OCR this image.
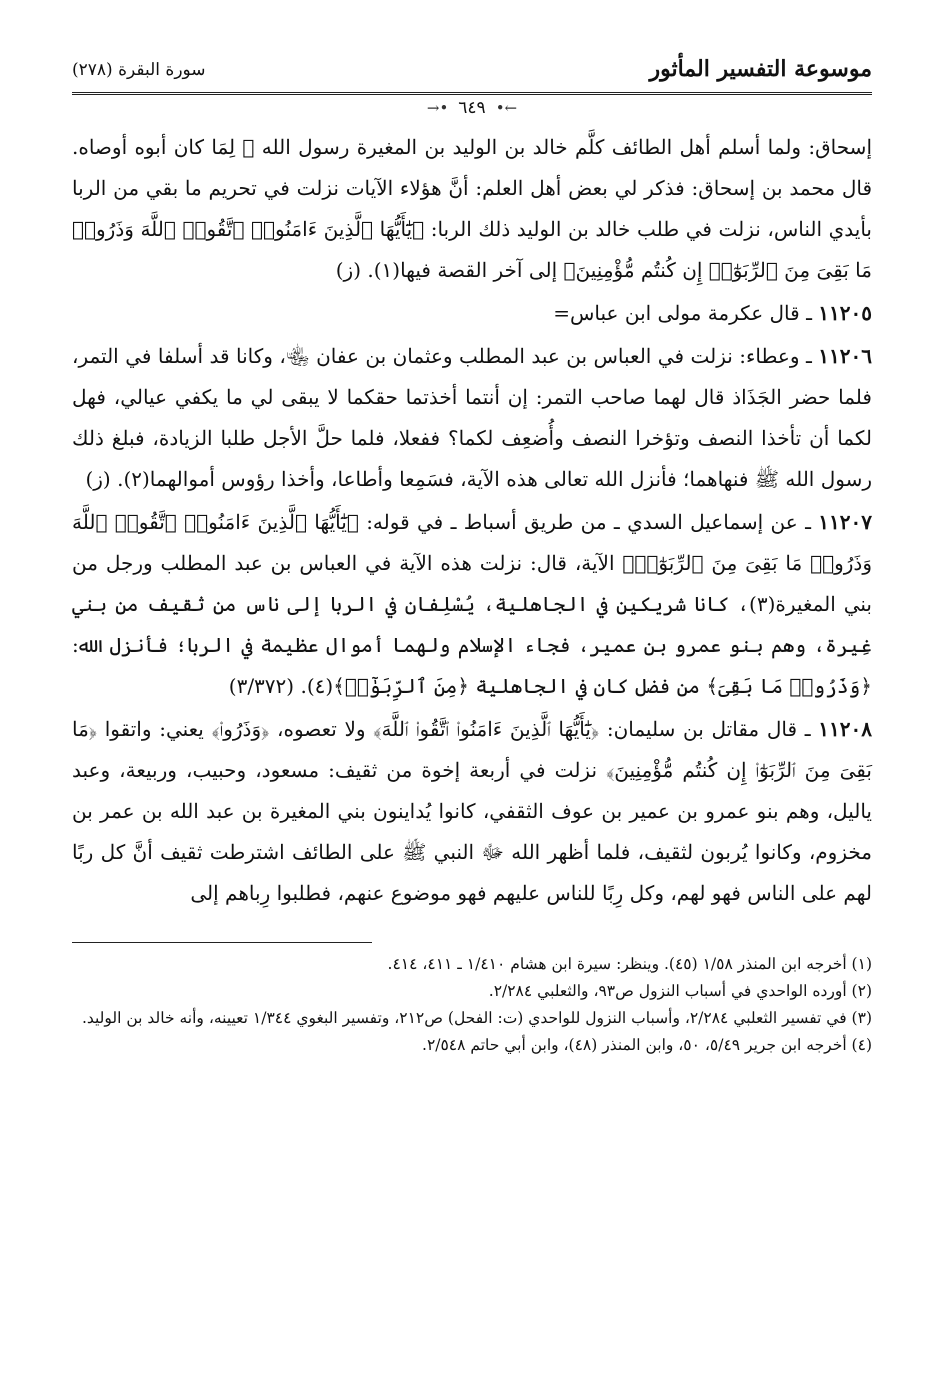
موسوعة التفسير المأثور
سورة البقرة (٢٧٨)
←•
٦٤٩
•→

إسحاق: ولما أسلم أهل الطائف كلَّم خالد بن الوليد بن المغيرة رسول الله ﷺ لِمَا كان أبوه أوصاه. قال محمد بن إسحاق: فذكر لي بعض أهل العلم: أنَّ هؤلاء الآيات نزلت في تحريم ما بقي من الربا بأيدي الناس، نزلت في طلب خالد بن الوليد ذلك الربا: ﴿يَٰٓأَيُّهَا ٱلَّذِينَ ءَامَنُوا۟ ٱتَّقُوا۟ ٱللَّهَ وَذَرُوا۟ مَا بَقِىَ مِنَ ٱلرِّبَوٰٓا۟ إِن كُنتُم مُّؤْمِنِينَ﴾ إلى آخر القصة فيها(١). (ز)

١١٢٠٥ ـ قال عكرمة مولى ابن عباس=

١١٢٠٦ ـ وعطاء: نزلت في العباس بن عبد المطلب وعثمان بن عفان ﵄، وكانا قد أسلفا في التمر، فلما حضر الجَذَاذ قال لهما صاحب التمر: إن أنتما أخذتما حقكما لا يبقى لي ما يكفي عيالي، فهل لكما أن تأخذا النصف وتؤخرا النصف وأُضعِف لكما؟ ففعلا، فلما حلَّ الأجل طلبا الزيادة، فبلغ ذلك رسول الله ﷺ فنهاهما؛ فأنزل الله تعالى هذه الآية، فسَمِعا وأطاعا، وأخذا رؤوس أموالهما(٢). (ز)

١١٢٠٧ ـ عن إسماعيل السدي ـ من طريق أسباط ـ في قوله: ﴿يَٰٓأَيُّهَا ٱلَّذِينَ ءَامَنُوا۟ ٱتَّقُوا۟ ٱللَّهَ وَذَرُوا۟ مَا بَقِىَ مِنَ ٱلرِّبَوٰٓا۟﴾ الآية، قال: نزلت هذه الآية في العباس بن عبد المطلب ورجل من بني المغيرة(٣)، كانا شريكين في الجاهلية، يُسْلِفان في الربا إلى ناس من ثقيف من بني غِيرة، وهم بنو عمرو بن عمير، فجاء الإسلام ولهما أموال عظيمة في الربا؛ فأنزل الله: ﴿وَذَرُوا۟ مَا بَقِىَ﴾ من فضل كان في الجاهلية ﴿مِنَ ٱلرِّبَوٰٓا۟﴾(٤). (٣/٣٧٢)

١١٢٠٨ ـ قال مقاتل بن سليمان: ﴿يَٰٓأَيُّهَا ٱلَّذِينَ ءَامَنُوا۟ ٱتَّقُوا۟ ٱللَّهَ﴾ ولا تعصوه، ﴿وَذَرُوا۟﴾ يعني: واتقوا ﴿مَا بَقِىَ مِنَ ٱلرِّبَوٰٓا۟ إِن كُنتُم مُّؤْمِنِينَ﴾ نزلت في أربعة إخوة من ثقيف: مسعود، وحبيب، وربيعة، وعبد ياليل، وهم بنو عمرو بن عمير بن عوف الثقفي، كانوا يُداينون بني المغيرة بن عبد الله بن عمر بن مخزوم، وكانوا يُربون لثقيف، فلما أظهر الله ﷻ النبي ﷺ على الطائف اشترطت ثقيف أنَّ كل ربًا لهم على الناس فهو لهم، وكل رِبًا للناس عليهم فهو موضوع عنهم، فطلبوا رِباهم إلى

(١) أخرجه ابن المنذر ١/٥٨ (٤٥). وينظر: سيرة ابن هشام ١/٤١٠ ـ ٤١١، ٤١٤.

(٢) أورده الواحدي في أسباب النزول ص٩٣، والثعلبي ٢/٢٨٤.

(٣) في تفسير الثعلبي ٢/٢٨٤، وأسباب النزول للواحدي (ت: الفحل) ص٢١٢، وتفسير البغوي ١/٣٤٤ تعيينه، وأنه خالد بن الوليد.

(٤) أخرجه ابن جرير ٥/٤٩، ٥٠، وابن المنذر (٤٨)، وابن أبي حاتم ٢/٥٤٨.
